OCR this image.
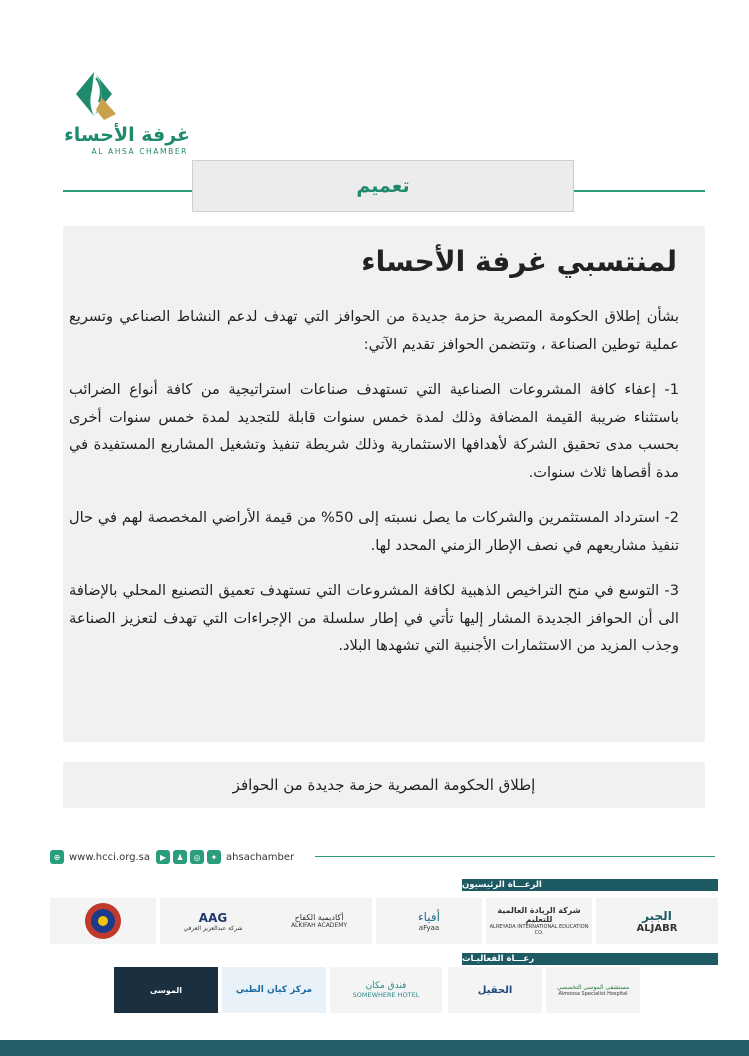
غرفة الأحساء
AL AHSA CHAMBER
تعميم
لمنتسبي غرفة الأحساء

بشأن إطلاق الحكومة المصرية حزمة جديدة من الحوافز التي تهدف لدعم النشاط الصناعي وتسريع عملية توطين الصناعة ، وتتضمن الحوافز تقديم الآتي:

1- إعفاء كافة المشروعات الصناعية التي تستهدف صناعات استراتيجية من كافة أنواع الضرائب باستثناء ضريبة القيمة المضافة وذلك لمدة خمس سنوات قابلة للتجديد لمدة خمس سنوات أخرى بحسب مدى تحقيق الشركة لأهدافها الاستثمارية وذلك شريطة تنفيذ وتشغيل المشاريع المستفيدة في مدة أقصاها ثلاث سنوات.

2- استرداد المستثمرين والشركات ما يصل نسبته إلى 50% من قيمة الأراضي المخصصة لهم في حال تنفيذ مشاريعهم في نصف الإطار الزمني المحدد لها.

3- التوسع في منح التراخيص الذهبية لكافة المشروعات التي تستهدف تعميق التصنيع المحلي بالإضافة الى أن الحوافز الجديدة المشار إليها تأتي في إطار سلسلة من الإجراءات التي تهدف لتعزيز الصناعة وجذب المزيد من الاستثمارات الأجنبية التي تشهدها البلاد.

إطلاق الحكومة المصرية حزمة جديدة من الحوافز
⊕ www.hcci.org.sa	▶	♟	◎	✦ ahsachamber
الرعـــاة الرئيسيون
الجبر
ALJABR
شركة الريادة العالمية للتعليم
ALREYADA INTERNATIONAL EDUCATION CO.
أفياء
aFyaa
أكاديمية الكفاح
ALKIFAH ACADEMY
AAG
شركة عبدالعزيز العرفي
رعـــاة الفعاليـات
مستشفى الموسى التخصصي
Almoosa Specialist Hospital
الحقيل
فندق مكان
SOMEWHERE HOTEL
مركز كيان الطبي
الموسى
